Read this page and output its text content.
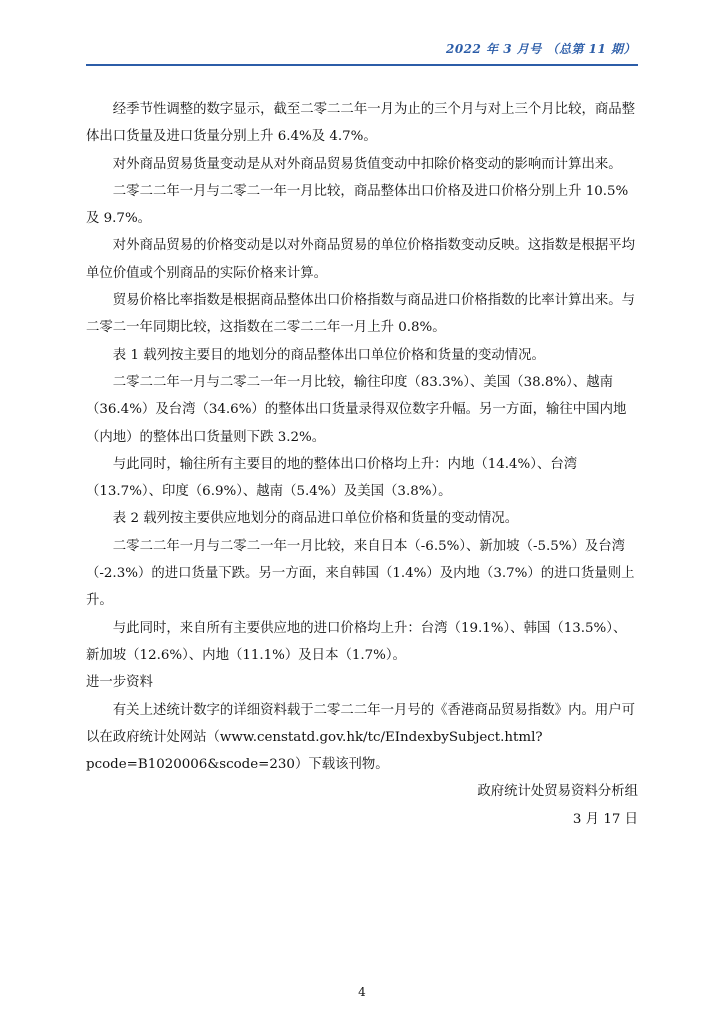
2022 年 3 月号 （总第 11 期）

经季节性调整的数字显示，截至二零二二年一月为止的三个月与对上三个月比较，商品整体出口货量及进口货量分别上升 6.4%及 4.7%。

对外商品贸易货量变动是从对外商品贸易货值变动中扣除价格变动的影响而计算出来。

二零二二年一月与二零二一年一月比较，商品整体出口价格及进口价格分别上升 10.5%及 9.7%。

对外商品贸易的价格变动是以对外商品贸易的单位价格指数变动反映。这指数是根据平均单位价值或个别商品的实际价格来计算。

贸易价格比率指数是根据商品整体出口价格指数与商品进口价格指数的比率计算出来。与二零二一年同期比较，这指数在二零二二年一月上升 0.8%。

表 1 载列按主要目的地划分的商品整体出口单位价格和货量的变动情况。

二零二二年一月与二零二一年一月比较，输往印度（83.3%）、美国（38.8%）、越南（36.4%）及台湾（34.6%）的整体出口货量录得双位数字升幅。另一方面，输往中国内地（内地）的整体出口货量则下跌 3.2%。

与此同时，输往所有主要目的地的整体出口价格均上升：内地（14.4%）、台湾（13.7%）、印度（6.9%）、越南（5.4%）及美国（3.8%）。

表 2 载列按主要供应地划分的商品进口单位价格和货量的变动情况。

二零二二年一月与二零二一年一月比较，来自日本（-6.5%）、新加坡（-5.5%）及台湾（-2.3%）的进口货量下跌。另一方面，来自韩国（1.4%）及内地（3.7%）的进口货量则上升。

与此同时，来自所有主要供应地的进口价格均上升：台湾（19.1%）、韩国（13.5%）、新加坡（12.6%）、内地（11.1%）及日本（1.7%）。

进一步资料

有关上述统计数字的详细资料载于二零二二年一月号的《香港商品贸易指数》内。用户可以在政府统计处网站（www.censtatd.gov.hk/tc/EIndexbySubject.html?pcode=B1020006&scode=230）下载该刊物。

政府统计处贸易资料分析组

3 月 17 日

4
